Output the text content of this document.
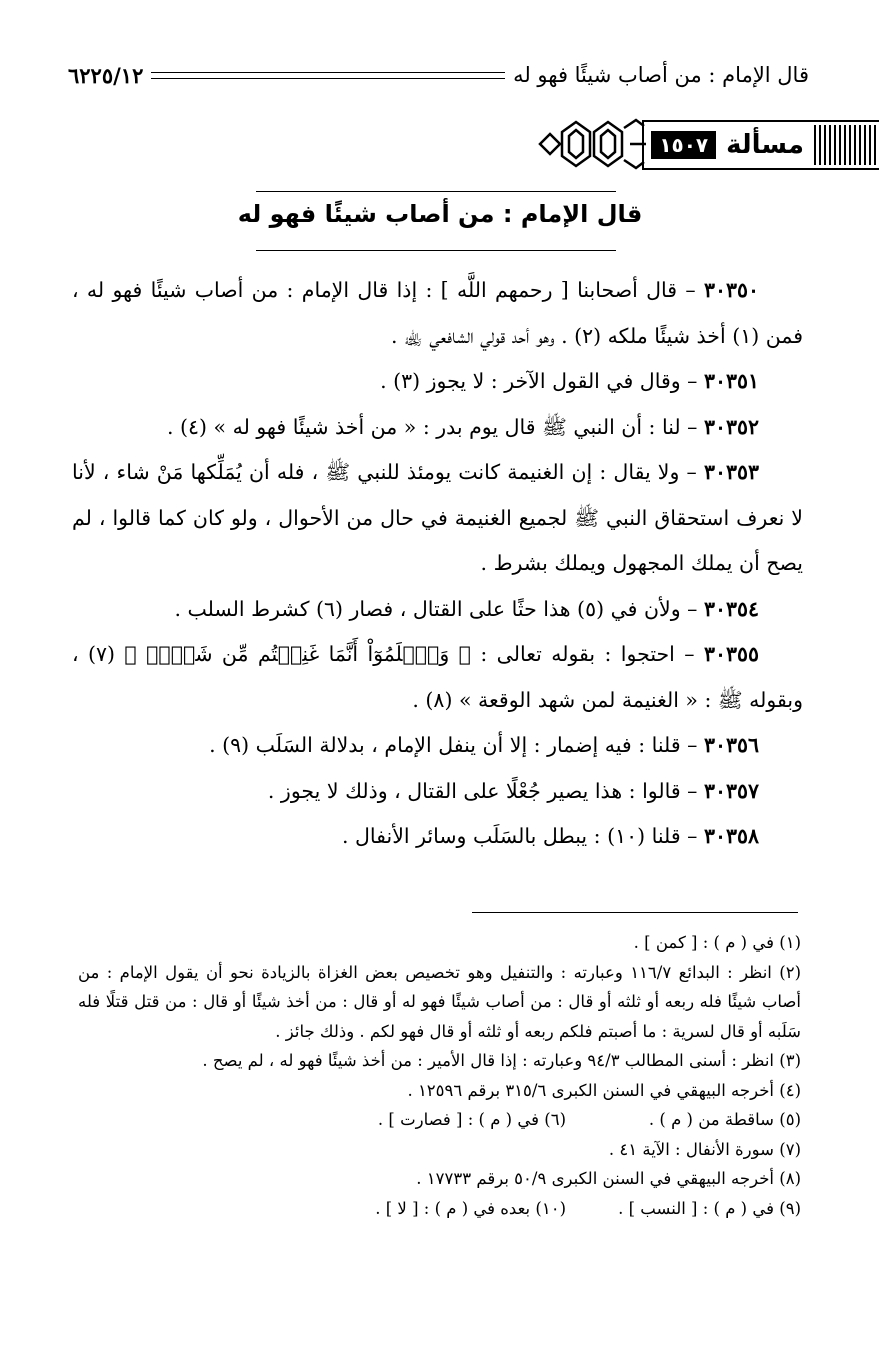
قال الإمام : من أصاب شيئًا فهو له
٦٢٢٥/١٢
مسألة
١٥٠٧
قال الإمام : من أصاب شيئًا فهو له

٣٠٣٥٠ – قال أصحابنا [ رحمهم اللَّه ] : إذا قال الإمام : من أصاب شيئًا فهو له ، فمن (١) أخذ شيئًا ملكه (٢) . وهو أحد قولي الشافعي ﵀ .

٣٠٣٥١ – وقال في القول الآخر : لا يجوز (٣) .

٣٠٣٥٢ – لنا : أن النبي ﷺ قال يوم بدر : « من أخذ شيئًا فهو له » (٤) .

٣٠٣٥٣ – ولا يقال : إن الغنيمة كانت يومئذ للنبي ﷺ ، فله أن يُمَلِّكها مَنْ شاء ، لأنا لا نعرف استحقاق النبي ﷺ لجميع الغنيمة في حال من الأحوال ، ولو كان كما قالوا ، لم يصح أن يملك المجهول ويملك بشرط .

٣٠٣٥٤ – ولأن في (٥) هذا حثًا على القتال ، فصار (٦) كشرط السلب .

٣٠٣٥٥ – احتجوا : بقوله تعالى : ﴿ وَٱعۡلَمُوٓاْ أَنَّمَا غَنِمۡتُم مِّن شَيۡءٖ ﴾ (٧) ، وبقوله ﷺ : « الغنيمة لمن شهد الوقعة » (٨) .

٣٠٣٥٦ – قلنا : فيه إضمار : إلا أن ينفل الإمام ، بدلالة السَلَب (٩) .

٣٠٣٥٧ – قالوا : هذا يصير جُعْلًا على القتال ، وذلك لا يجوز .

٣٠٣٥٨ – قلنا (١٠) : يبطل بالسَلَب وسائر الأنفال .

(١) في ( م ) : [ كمن ] .

(٢) انظر : البدائع ١١٦/٧ وعبارته : والتنفيل وهو تخصيص بعض الغزاة بالزيادة نحو أن يقول الإمام : من أصاب شيئًا فله ربعه أو ثلثه أو قال : من أصاب شيئًا فهو له أو قال : من أخذ شيئًا أو قال : من قتل قتلًا فله سَلَبه أو قال لسرية : ما أصبتم فلكم ربعه أو ثلثه أو قال فهو لكم . وذلك جائز .

(٣) انظر : أسنى المطالب ٩٤/٣ وعبارته : إذا قال الأمير : من أخذ شيئًا فهو له ، لم يصح .

(٤) أخرجه البيهقي في السنن الكبرى ٣١٥/٦ برقم ١٢٥٩٦ .

(٥) ساقطة من ( م ) .
(٦) في ( م ) : [ فصارت ] .

(٧) سورة الأنفال : الآية ٤١ .

(٨) أخرجه البيهقي في السنن الكبرى ٥٠/٩ برقم ١٧٧٣٣ .

(٩) في ( م ) : [ النسب ] .
(١٠) بعده في ( م ) : [ لا ] .
